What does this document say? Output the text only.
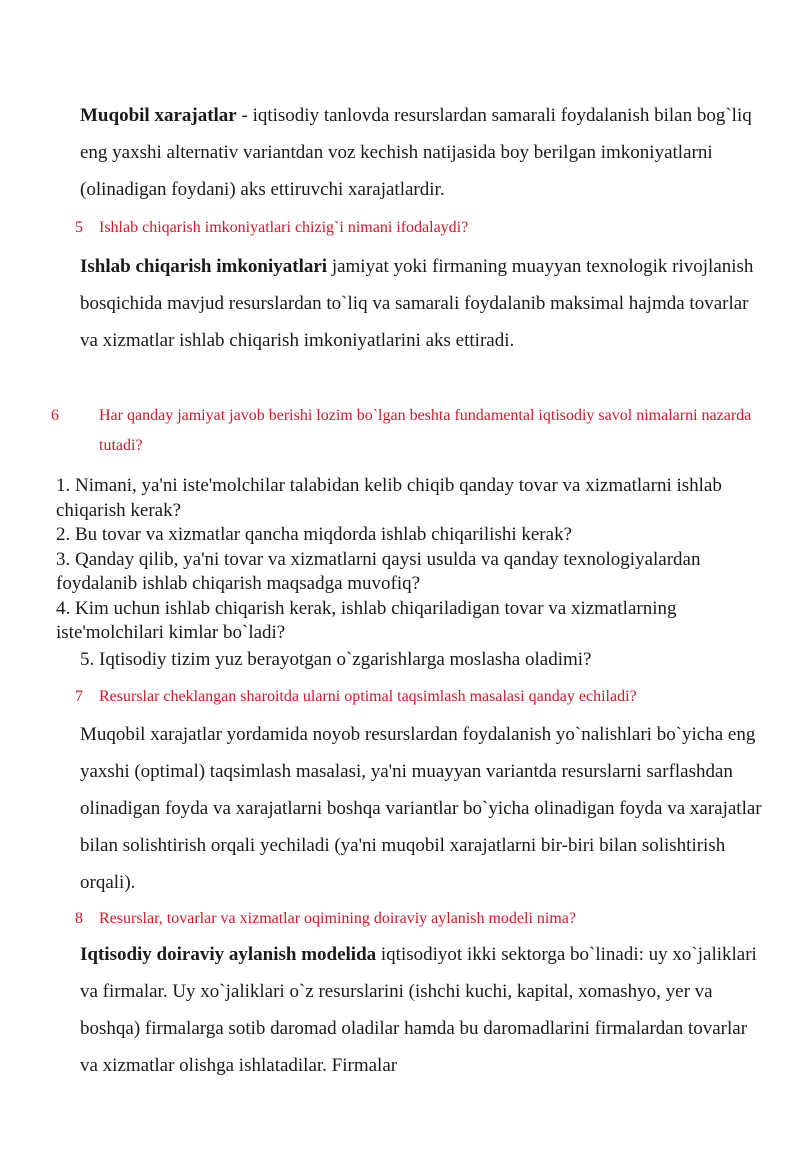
Muqobil xarajatlar - iqtisodiy tanlovda resurslardan samarali foydalanish bilan bog`liq eng yaxshi alternativ variantdan voz kechish natijasida boy berilgan imkoniyatlarni (olinadigan foydani) aks ettiruvchi xarajatlardir.

5 Ishlab chiqarish imkoniyatlari chizig`i nimani ifodalaydi?

Ishlab chiqarish imkoniyatlari jamiyat yoki firmaning muayyan texnologik rivojlanish bosqichida mavjud resurslardan to`liq va samarali foydalanib maksimal hajmda tovarlar va xizmatlar ishlab chiqarish imkoniyatlarini aks ettiradi.

6	Har qanday jamiyat javob berishi lozim bo`lgan beshta fundamental iqtisodiy savol nimalarni nazarda tutadi?

1. Nimani, ya'ni iste'molchilar talabidan kelib chiqib qanday tovar va xizmatlarni ishlab chiqarish kerak?
2. Bu tovar va xizmatlar qancha miqdorda ishlab chiqarilishi kerak?
3. Qanday qilib, ya'ni tovar va xizmatlarni qaysi usulda va qanday texnologiyalardan foydalanib ishlab chiqarish maqsadga muvofiq?
4. Kim uchun ishlab chiqarish kerak, ishlab chiqariladigan tovar va xizmatlarning iste'molchilari kimlar bo`ladi?
5. Iqtisodiy tizim yuz berayotgan o`zgarishlarga moslasha oladimi?

7 Resurslar cheklangan sharoitda ularni optimal taqsimlash masalasi qanday echiladi?

Muqobil xarajatlar yordamida noyob resurslardan foydalanish yo`nalishlari bo`yicha eng yaxshi (optimal) taqsimlash masalasi, ya'ni muayyan variantda resurslarni sarflashdan olinadigan foyda va xarajatlarni boshqa variantlar bo`yicha olinadigan foyda va xarajatlar bilan solishtirish orqali yechiladi (ya'ni muqobil xarajatlarni bir-biri bilan solishtirish orqali).

8 Resurslar, tovarlar va xizmatlar oqimining doiraviy aylanish modeli nima?

Iqtisodiy doiraviy aylanish modelida iqtisodiyot ikki sektorga bo`linadi: uy xo`jaliklari va firmalar. Uy xo`jaliklari o`z resurslarini (ishchi kuchi, kapital, xomashyo, yer va boshqa) firmalarga sotib daromad oladilar hamda bu daromadlarini firmalardan tovarlar va xizmatlar olishga ishlatadilar. Firmalar
